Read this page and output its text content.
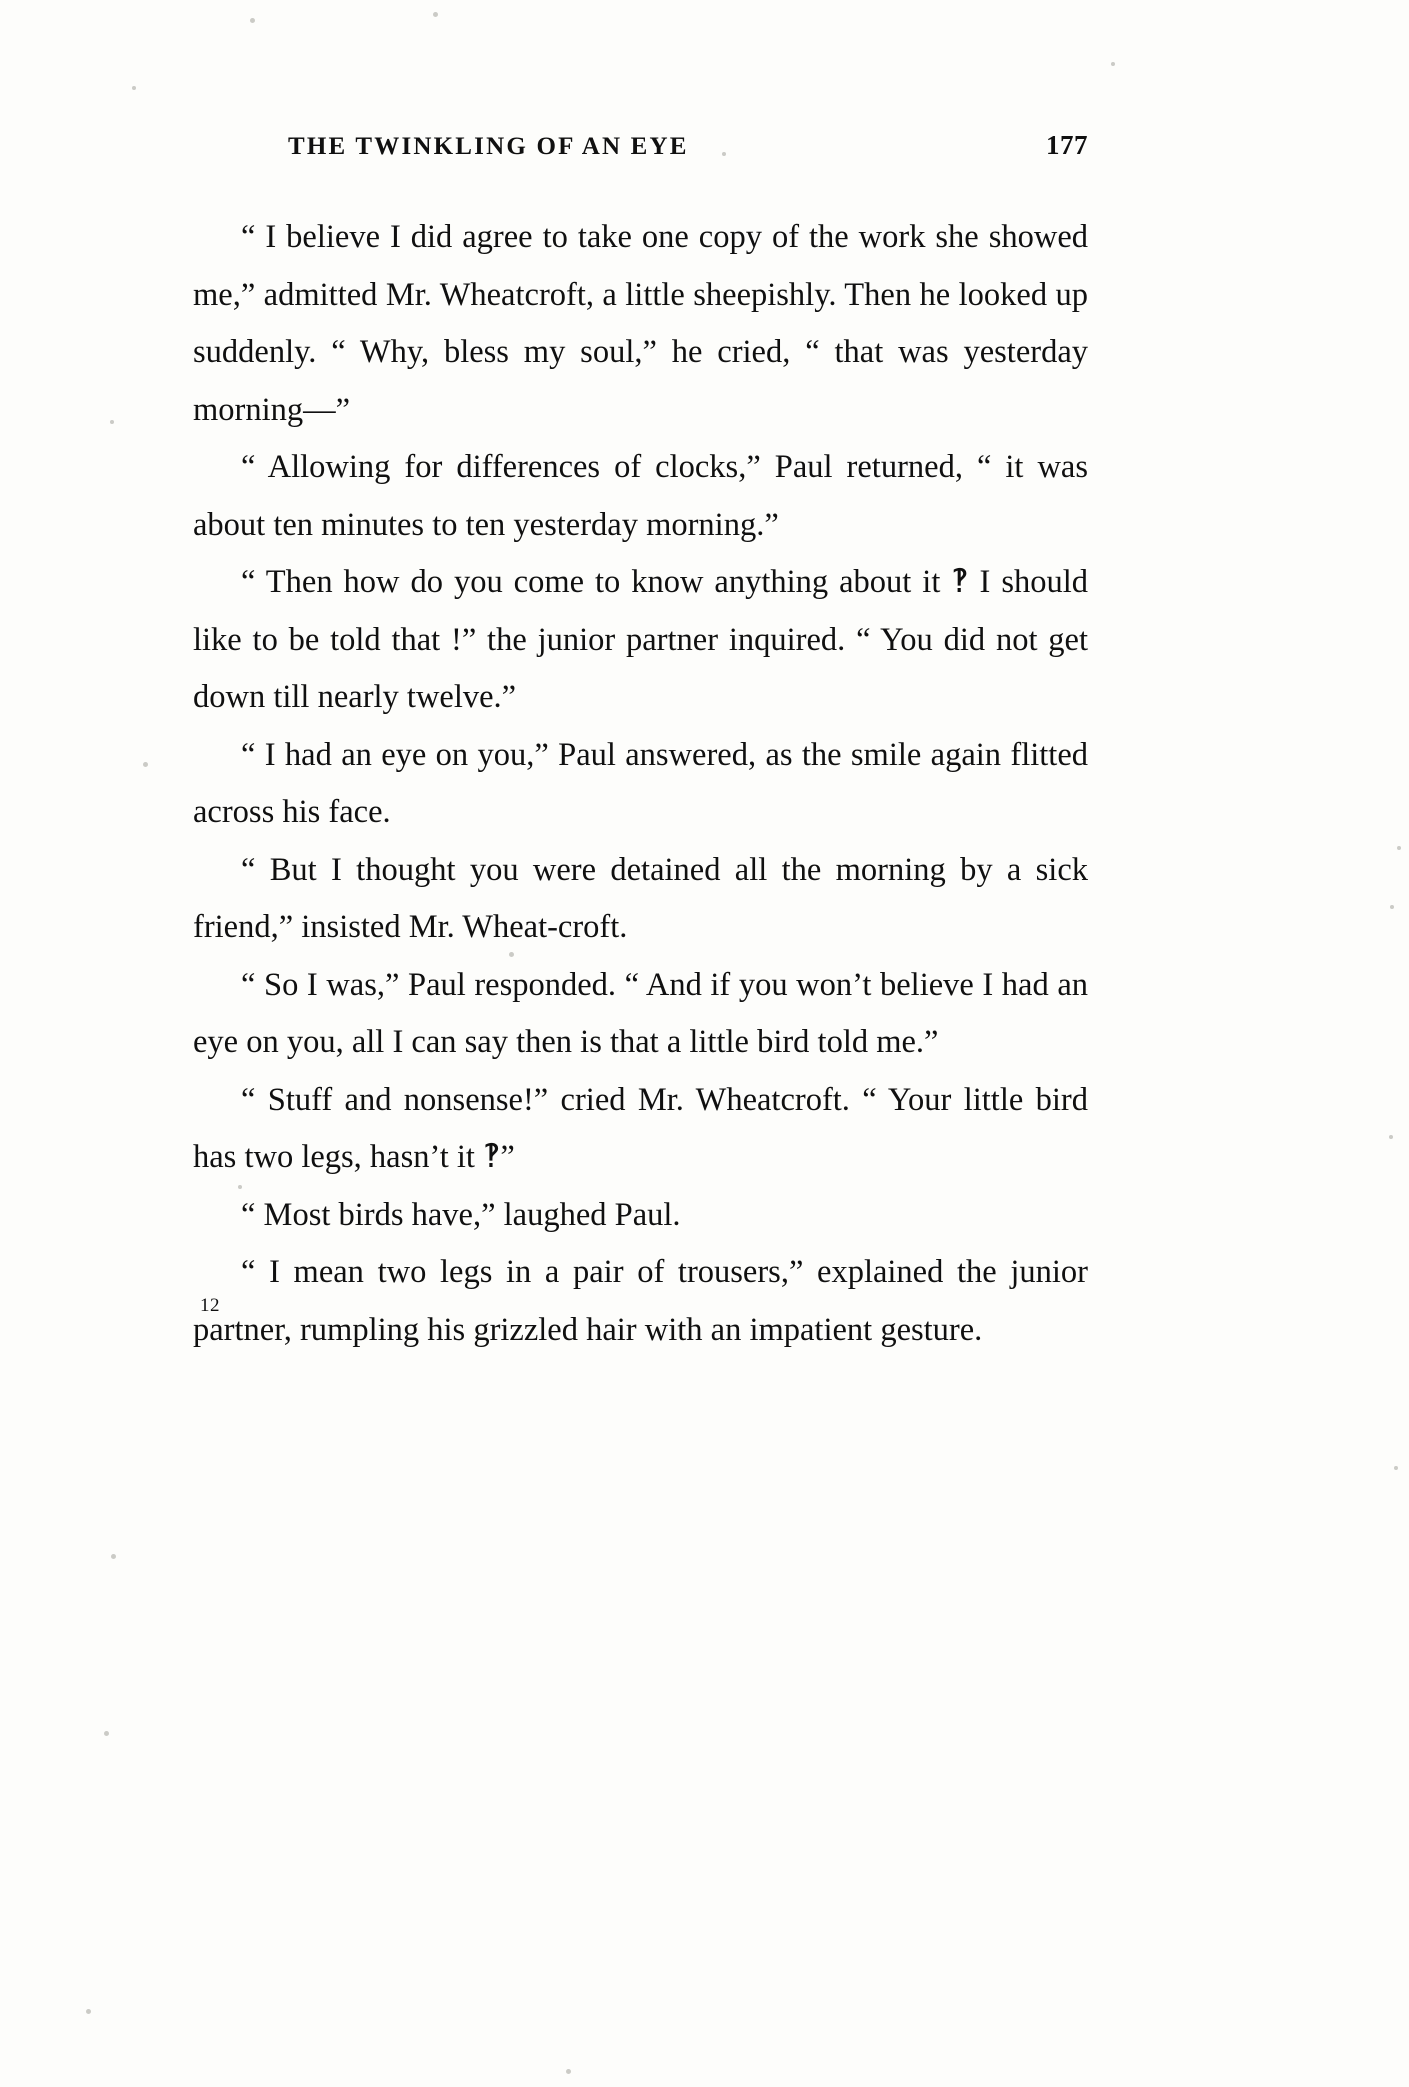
THE TWINKLING OF AN EYE	177

“ I believe I did agree to take one copy of the work she showed me,” admitted Mr. Wheatcroft, a little sheepishly. Then he looked up suddenly. “ Why, bless my soul,” he cried, “ that was yesterday morning—”

“ Allowing for differences of clocks,” Paul returned, “ it was about ten minutes to ten yesterday morning.”

“ Then how do you come to know anything about it ‽ I should like to be told that !” the junior partner inquired. “ You did not get down till nearly twelve.”

“ I had an eye on you,” Paul answered, as the smile again flitted across his face.

“ But I thought you were detained all the morning by a sick friend,” insisted Mr. Wheat-croft.

“ So I was,” Paul responded. “ And if you won’t believe I had an eye on you, all I can say then is that a little bird told me.”

“ Stuff and nonsense!” cried Mr. Wheatcroft. “ Your little bird has two legs, hasn’t it ‽”

“ Most birds have,” laughed Paul.

“ I mean two legs in a pair of trousers,” explained the junior partner, rumpling his grizzled hair with an impatient gesture.

12
